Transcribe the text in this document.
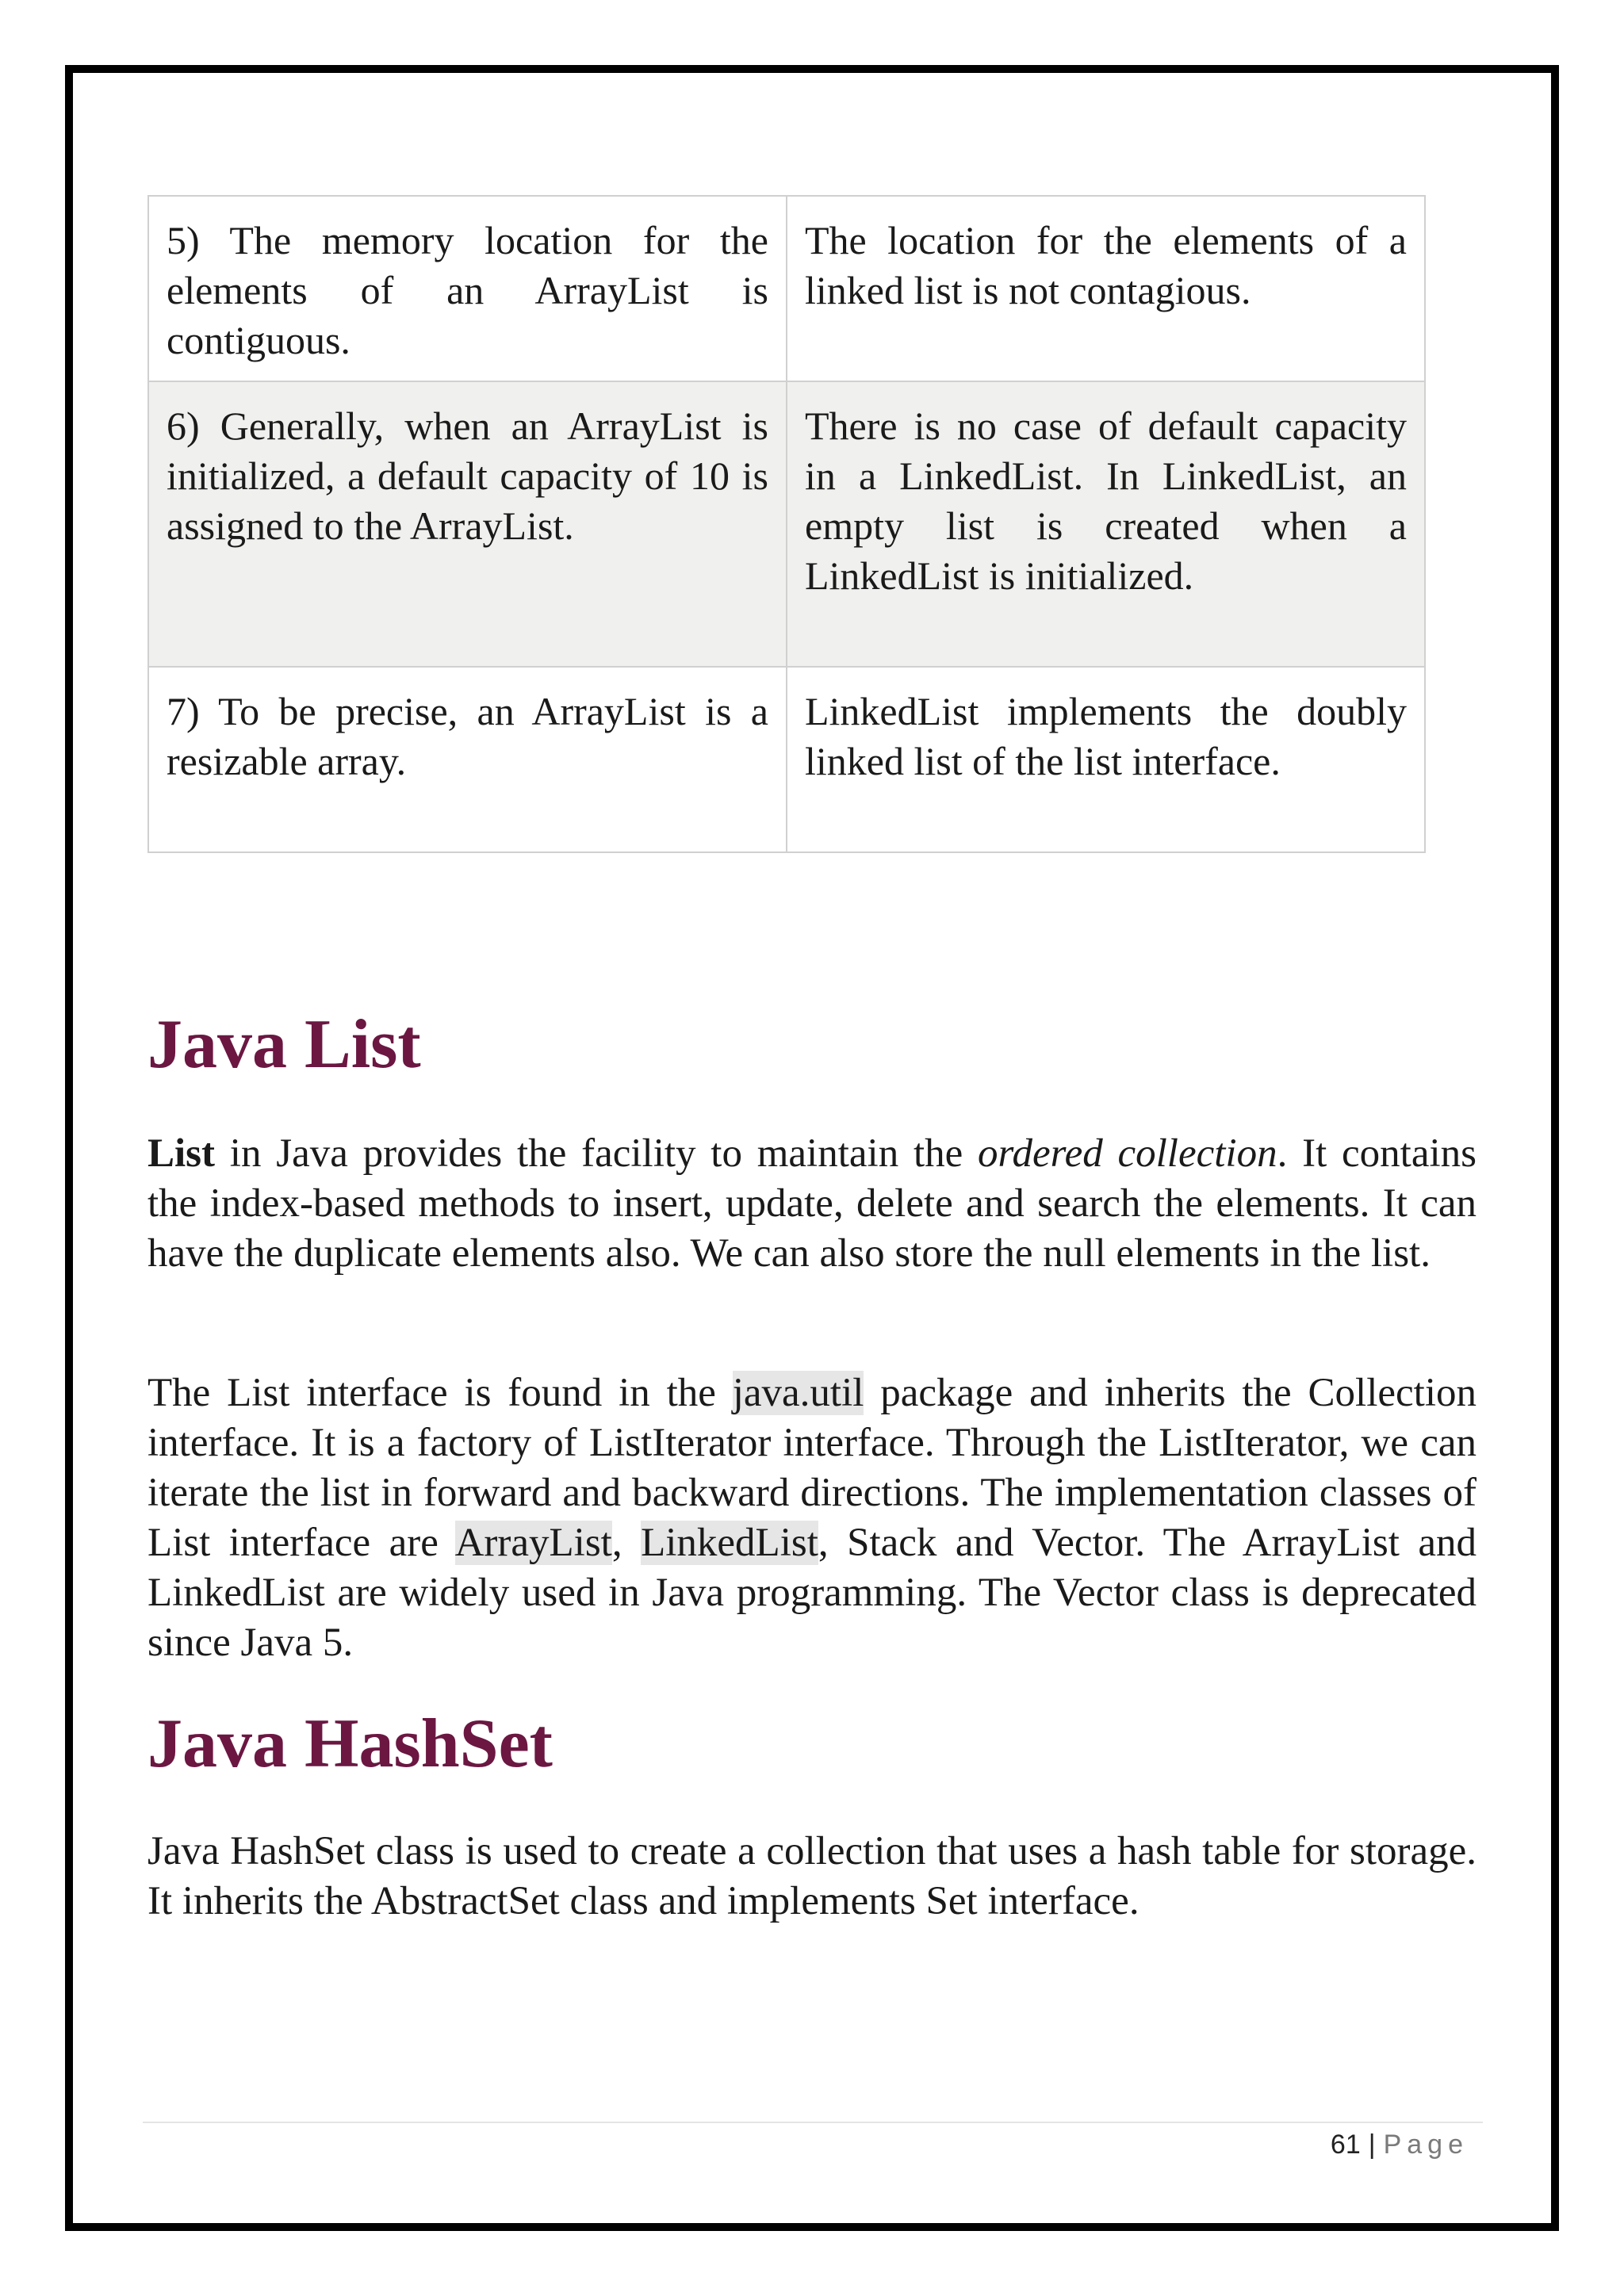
5) The memory location for the elements of an ArrayList is contiguous.	The location for the elements of a linked list is not contagious.
6) Generally, when an ArrayList is initialized, a default capacity of 10 is assigned to the ArrayList.	There is no case of default capacity in a LinkedList. In LinkedList, an empty list is created when a LinkedList is initialized.
7) To be precise, an ArrayList is a resizable array.	LinkedList implements the doubly linked list of the list interface.
Java List

List in Java provides the facility to maintain the ordered collection. It contains the index-based methods to insert, update, delete and search the elements. It can have the duplicate elements also. We can also store the null elements in the list.

The List interface is found in the java.util package and inherits the Collection interface. It is a factory of ListIterator interface. Through the ListIterator, we can iterate the list in forward and backward directions. The implementation classes of List interface are ArrayList, LinkedList, Stack and Vector. The ArrayList and LinkedList are widely used in Java programming. The Vector class is deprecated since Java 5.

Java HashSet

Java HashSet class is used to create a collection that uses a hash table for storage. It inherits the AbstractSet class and implements Set interface.

61 | Page
